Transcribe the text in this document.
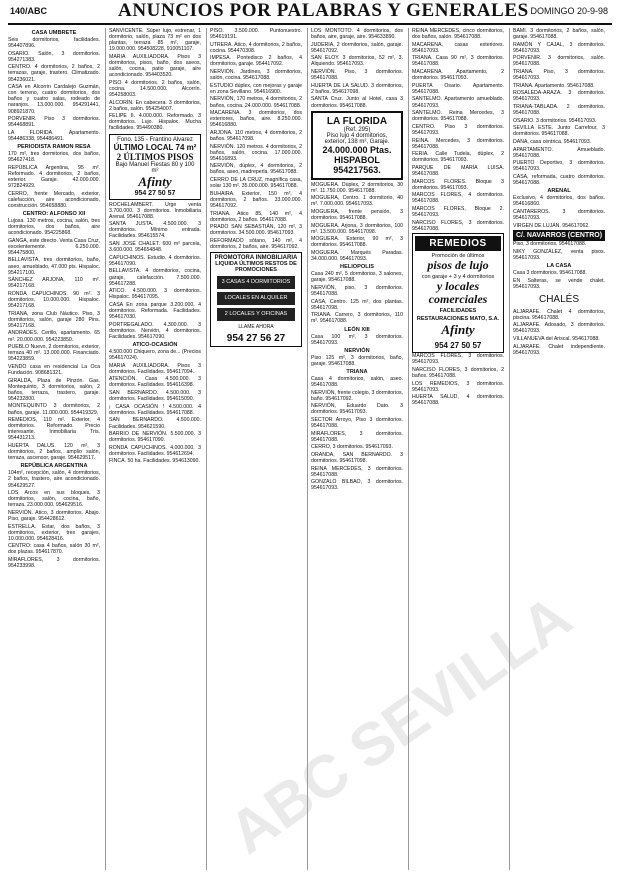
140/ABC	ANUNCIOS POR PALABRAS Y GENERALES DOMINGO 20-9-98
CASA UMBRETE
Seis dormitorios, facilidades. 954407896.
OSARIO. Salón, 3 dormitorios. 954271383.
CENTRO. 4 dormitorios, 2 baños, 2 terrazas, garaje, trastero. Climatizado. 954236021.
CASA en Alcorrin Cardalejo Guzmán, con terreno, cuatro dormitorios, dos baños y cuatro salas, rodeado de naranjos. 13.000.000. 954291441, 908921870.
PORVENIR. Piso 3 dormitorios. 954468891.
LA FLORIDA. Apartamento. 954486338, 954486491.
PERIODISTA RAMON RESA
170 m², tres dormitorios, dos baños, 954627418.
REPÚBLICA Argentina, 95 m². Reformado. 4 dormitorios, 2 baños, exterior. Garaje. 42.000.000. 972824929.
CERRO, frente Mercado, exterior, calefacción, aire acondicionado, construcción. 954658880.
CENTRO: ALFONSO XII
Lujosa. 130 metros, cocina, salón, tres dormitorios, dos baños, aire acondicionado. 954225868.
GANGA, este directo. Venta Casa Cruz, excelentemente. 6.250.000. 954475800.
BELLAVISTA, tres dormitorios, baño, aseo, amueblado, 47.000 pts. Hispaloc. 954217100.
SÁNCHEZ ARJONA, 110 m². 954217168.
RONDA CAPUCHINOS. 90 m². 3 dormitorios. 10.000.000. Hispaloc. 954217168.
TRIANA, zona Club Náutico. Piso, 3 dormitorios, salón, garaje 280 Pins. 954217168.
ANDRADES. Cerillo, apartamento. 65 m². 20.000.000. 954223850.
PUEBLO Nuevo, 2 dormitorios, exterior, terraza 40 m². 13.000.000. Financiado. 954223859.
VENDO casa en residencial La Oca Fundación. 908681321.
GIRALDA, Plaza de Pinzón. Gas. Montequinto, 3 dormitorios, salón, 2 baños, terraza, trastero, garaje. 954232800.
MONTEQUINTO 3 dormitorios, 2 baños, garaje. 11.000.000. 954419329.
REMEDIOS, 110 m². Exterior, 4 dormitorios. Reformado. Precio interesante. Inmobiliaria Tris. 954431213.
HUERTA DALUS. 120 m², 3 dormitorios, 2 baños, amplio salón, terraza, ascensor, garaje. 954629517.
REPÚBLICA ARGENTINA
104m², recepción, salón, 4 dormitorios, 2 baños, trastero, aire acondicionado. 954629527.
LOS Arcos en sus bloques, 3 dormitorios, salón, cocina, baño, terraza. 23.000.000. 954629516.
NERVIÓN. Atico, 3 dormitorios. Abajo. Piso, garaje. 954428612.
ESTRELLA. Estar, dos baños, 3 dormitorios, exterior, tres garajes, 10.000.000. 954628416.
CENTRO: casa 4 baños, salón 30 m², dos plazas. 954617870.
MIRAFLORES, 3 dormitorios. 954233998.
SANVICENTE. Súper lujo, estrenar, 1 dormitorio, salón, plaza 73 m² en dos plantas, terraza 85 m², garaje, 19.000.000. 954508228, 910051107.
MARIA AUXILIADORA. Pisos 3 dormitorios, pisos, baño, dos aseos, salón, cocina, patio garaje, aire acondicionado. 954403520.
PISO 4 dormitorios. 2 baños, salón, cocina. 14.500.000. Alcorrín. 954258003.
ALCORÍN. En cabecera. 3 dormitorios, 2 baños, salón. 954254007.
FELIPE II. 4.000.000. Reformado. 3 dormitorios. Lujo. Hispaloc. Mucha facilidades. 954490380.
Fono. 135 - Frantino Alvarez
ÚLTIMO LOCAL 74 m²
2 ÚLTIMOS PISOS
Bajo Manuel Fiestas 80 y 100 m²
Afinty
954 27 50 57
ROCHELAMBERT. Urge venta 3.700.000. 3 dormitorios. Inmobiliaria Arenal. 954617088.
SANTA JUSTA. 4.500.000. 3 dormitorios. Mínimo entrada. Facilidades. 954615574.
SAN JOSÉ CHALET. 600 m² parcela, 3.600.000. 954654848.
CAPUCHINOS. Estudio. 4 dormitorios. 954617090.
BELLAVISTA. 4 dormitorios, cocina, garaje, calefacción. 7.500.000. 954617288.
ATICO. 4.500.000. 3 dormitorios. Hispaloc. 954617095.
CASA En zona parque 3.200.000. 4 dormitorios. Reformada. Facilidades. 954617030.
PORTREGALADO. 4.300.000. 3 dormitorios. Nervión, 4 dormitorios. Facilidades. 954617090.
ATICO-OCASIÓN
4.500.000 Chiquero, zona de... (Precios 954617024).
MARIA AUXILIADORA. Pisos 3 dormitorios. Facilidades. 954617094.
ATENCIÓN. Casa 4.500.000. 3 dormitorios. Facilidades. 954616398.
SAN BERNARDO. 4.500.000. 3 dormitorios. Facilidades. 954615090.
¡ CASA OCASIÓN ! 4.500.000. 4 dormitorios. Facilidades. 954617088.
SAN BERNARDO. 4.500.000. Facilidades. 954621590.
BARRIO DE NERVIÓN. 5.500.000. 3 dormitorios. 954617090.
RONDA CAPUCHINOS. 4.000.000. 3 dormitorios. Facilidades. 954612694.
FINCA. 50 ha. Facilidades. 954613090.
PISO. 3.500.000. Puntonuestro. 954619191.
UTRERA. Atico, 4 dormitorios, 2 baños, cocina. 954470308.
IMPESA. Pontedisco 2 baños, 4 dormitorios, garaje. 954417092.
NERVIÓN. Jardines, 3 dormitorios, salón, cocina. 954617088.
ESTUDIO dúplex, con mejoras y garaje en zona Sevillano. 954616900.
NERVIÓN, 170 metros, 4 dormitorios, 2 baños, cocina. 24.000.000. 954617088.
MACARENA. 3 dormitorios, dos exteriores, baños, aire. 8.250.000. 954616880.
ARJONA. 110 metros, 4 dormitorios, 2 baños. 954617098.
NERVIÓN. 120 metros. 4 dormitorios, 2 baños, salón, cocina. 17.000.000. 954616893.
NERVIÓN, dúplex, 4 dormitorios, 2 baños, aseo, madreperla. 954617088.
CERRO DE LA CRUZ, magnífica casa, solar 130 m². 35.000.000. 954617088.
BUHAIRA. Exterior, 150 m², 4 dormitorios, 2 baños. 33.000.000. 954617092.
TRIANA. Atico 85, 140 m², 4 dormitorios, 2 baños. 954617088.
PRADO SAN SEBASTIÁN, 120 m², 3 dormitorios. 34.500.000. 954617093.
REFORMADO sótano, 140 m², 4 dormitorios, 2 baños, aire. 954617092.
PROMOTORA INMOBILIARIA
LIQUIDA ÚLTIMOS RESTOS DE PROMOCIONES
3 CASAS 4 DORMITORIOS
LOCALES EN ALQUILER
2 LOCALES Y OFICINAS
LLAME AHORA
954 27 56 27
LOS MONTOTO. 4 dormitorios, dos baños, aire, garaje, aire. 954633890.
JUDERIA, 2 dormitorios, salón, garaje. 954617092.
SAN ELOY. 3 dormitorios, 52 m², 3. Alquiendo. 954617093.
NERVIÓN. Piso, 3 dormitorios. 954617088.
HUERTA DE LA SALUD. 3 dormitorios, 2 baños. 954617098.
SANTA Cruz. Junto al Hotel, casa 3 dormitorios. 954617088.
LA FLORIDA
(Ref. 295)
Piso lujo 4 dormitorios, exterior, 138 m², Garaje.
24.000.000 Ptas.
HISPABOL
954217563.
MOGUERA. Dúplex, 2 dormitorios, 30 m². 11.750.000. 954617088.
MOGUERA, Centro. 1 dormitorio, 40 m². 7.000.000. 954617093.
MOGUERA, frente pensión, 3 dormitorios. 954617088.
MOGUERA. Arjona, 3 dormitorios, 100 m². 13.500.000. 954617098.
MOGUERA. Exterior, 90 m², 3 dormitorios. 954617088.
MOGUERA. Marqués Paradas. 34.000.000. 954617093.
HELIOPOLIS
Casa 240 m², 5 dormitorios, 3 salones, garaje. 954617088.
NERVIÓN, piso, 3 dormitorios. 954617088.
CASA, Centro. 125 m², dos plantas. 954617098.
TRIANA. Carrero, 3 dormitorios, 110 m². 954617088.
LEÓN XIII
Casa 100 m², 3 dormitorios. 954617093.
NERVIÓN
Piso 125 m², 3 dormitorios, baño, garaje. 954617088.
TRIANA
Casa 4 dormitorios, salón, aseo. 954617088.
NERVIÓN, frente colegio, 3 dormitorios, baño. 954617092.
NERVIÓN, Eduardo Dato. 3 dormitorios. 954617093.
SECTOR Arroyo, Piso 3 dormitorios. 954617088.
MIRAFLORES, 3 dormitorios. 954617088.
CERRO, 3 dormitorios. 954617093.
ORANDA, SAN BERNARDO. 3 dormitorios. 954617098.
REINA MERCEDES, 3 dormitorios. 954617088.
GONZALO BILBAO, 3 dormitorios. 954617093.
REINA MERCEDES, cinco dormitorios, dos baños, salón. 954617088.
MACARENA, casas exteriores. 954617093.
TRIANA. Casa 90 m², 3 dormitorios. 954617088.
MACARENA. Apartamento, 2 dormitorios. 954617093.
PUERTA Osario. Apartamento. 954617088.
SANTELMO. Apartamento amueblado. 954617093.
SANTELMO. Reina Mercedes, 3 dormitorios. 954617088.
CENTRO. Piso 3 dormitorios. 954617093.
REINA. Mercedes, 3 dormitorios. 954617088.
FERIA. Calle Tudela, dúplex, 2 dormitorios. 954617093.
PARQUE DE MARÍA LUISA. 954617088.
MARCOS FLORES. Bloque 3 dormitorios. 954617093.
MARCOS FLORES, 4 dormitorios. 954617088.
MARCOS FLORES, Bloque 2. 954617093.
NARCISO FLORES, 3 dormitorios. 954617088.
REMEDIOS
Promoción de últimos
pisos de lujo
con garaje + 3 y 4 dormitorios
y locales comerciales
FACILIDADES
RESTAURACIONES MATO, S.A.
Afinty
954 27 50 57
MARCOS FLORES, 3 dormitorios. 954617093.
NARCISO FLORES, 3 dormitorios, 2 baños. 954617088.
LOS REMEDIOS, 3 dormitorios. 954617093.
HUERTA SALUD, 4 dormitorios. 954617088.
BAMI. 3 dormitorios, 2 baños, salón, garaje. 954617088.
RAMÓN Y CAJAL, 3 dormitorios. 954617093.
PORVENIR. 3 dormitorios, salón. 954617088.
TRIANA. Piso, 3 dormitorios. 954617093.
TRIANA. Apartamento. 954617088.
ROSALEDA-ARAZA. 3 dormitorios. 954617093.
TRIANA-TABLADA. 2 dormitorios. 954617088.
OSARIO. 3 dormitorios. 954617093.
SEVILLA ESTE. Junto Carrefour, 3 dormitorios. 954617088.
DANA, casa céntrica. 954617093.
APARTAMENTO. Amueblado. 954617088.
PUERTO Deportivo, 3 dormitorios. 954617093.
CASA, reformada, cuatro dormitorios. 954617088.
ARENAL
Exclusivo, 4 dormitorios, dos baños. 954616860.
CANTAREROS. 3 dormitorios. 954617093.
VIRGEN DE LUJÁN. 954617062.
C/. NAVARROS (CENTRO)
Piso, 3 dormitorios. 954617088.
NIKY GONZÁLEZ, venta pisos. 954617093.
LA CASA
Casa 3 dormitorios. 954617088.
EN Salteras, se vende chalet. 954617093.
CHALÉS
ALJARAFE. Chalet 4 dormitorios, piscina. 954617088.
ALJARAFE. Adosado, 3 dormitorios. 954617093.
VILLANUEVA del Ariscal. 954617088.
ALJARAFE. Chalet independiente. 954617093.
ABC SEVILLA
